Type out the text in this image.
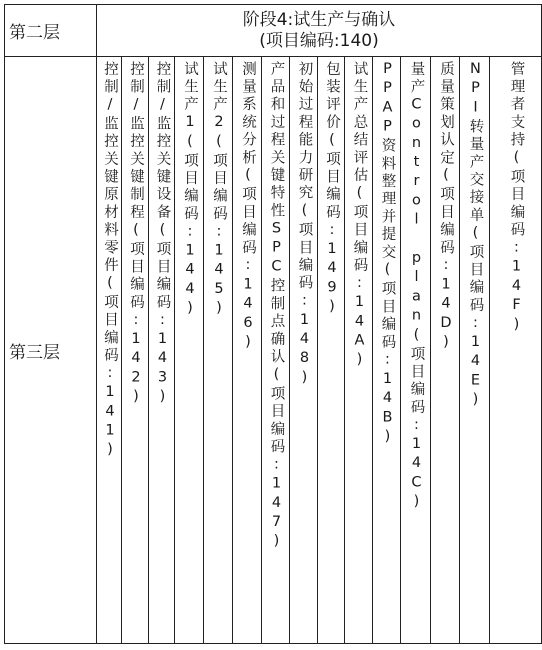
第二层	阶段4:试生产与确认
(项目编码:140)														

第三层	控制/监控关键原材料零件(项目编码:141)	控制/监控关键制程(项目编码:142)	控制/监控关键设备(项目编码:143)	试生产1(项目编码:144)	试生产2(项目编码:145)	测量系统分析(项目编码:146)	产品和过程关键特性SPC控制点确认(项目编码:147)	初始过程能力研究(项目编码:148)	包装评价(项目编码:149)	试生产总结评估(项目编码:14A)	PPAP资料整理并提交(项目编码:14B)	量产Control plan(项目编码:14C)	质量策划认定(项目编码:14D)	NPI转量产交接单(项目编码:14E)	管理者支持(项目编码:14F)
